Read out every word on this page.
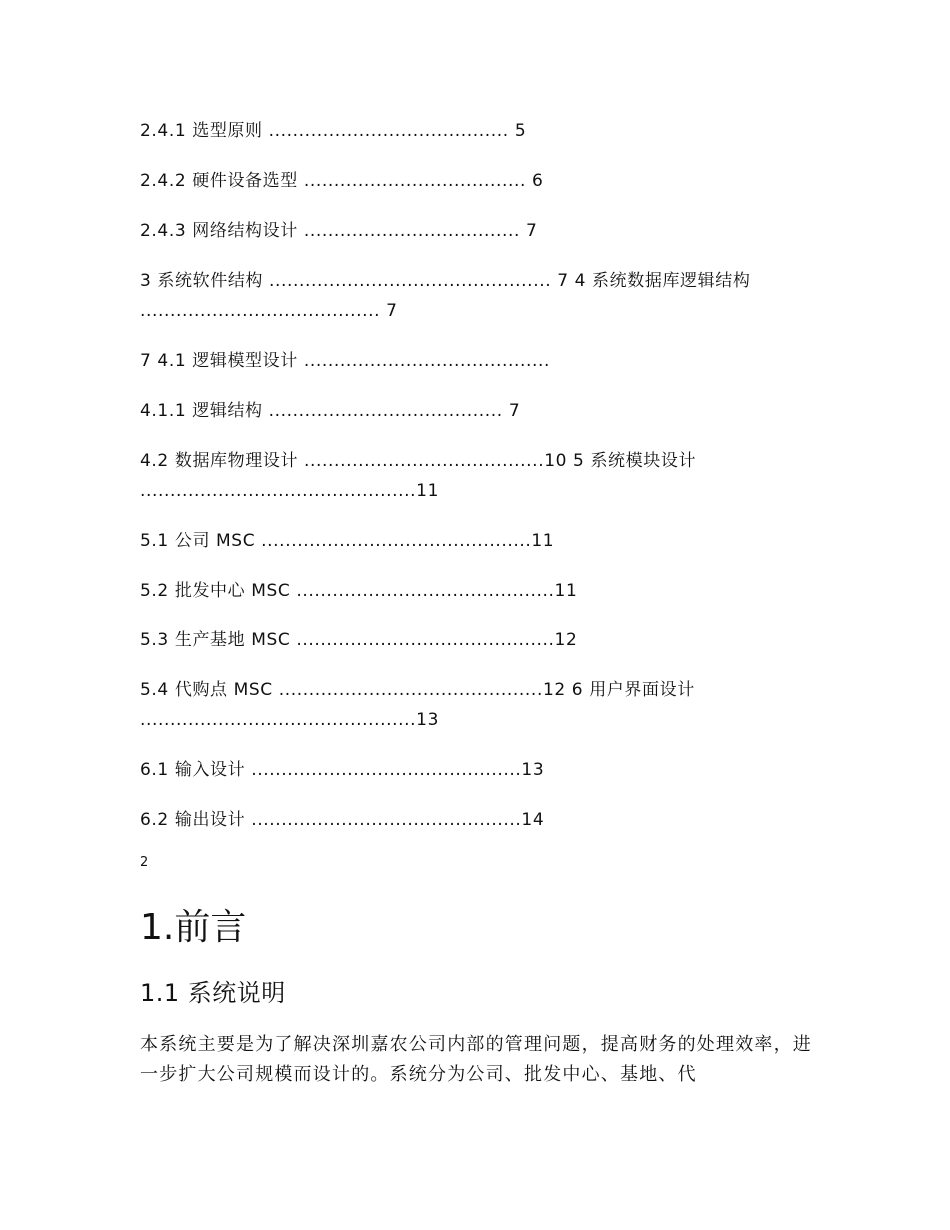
2.4.1 选型原则 ........................................ 5
2.4.2 硬件设备选型 ..................................... 6
2.4.3 网络结构设计 .................................... 7
3 系统软件结构 ............................................... 7 4 系统数据库逻辑结构 ........................................ 7
7 4.1 逻辑模型设计 .........................................
4.1.1 逻辑结构 ....................................... 7
4.2 数据库物理设计 ........................................10 5 系统模块设计 ..............................................11
5.1 公司 MSC .............................................11
5.2 批发中心 MSC ...........................................11
5.3 生产基地 MSC ...........................................12
5.4 代购点 MSC ............................................12 6 用户界面设计 ..............................................13
6.1 输入设计 .............................................13
6.2 输出设计 .............................................14
2
1.前言
1.1 系统说明

本系统主要是为了解决深圳嘉农公司内部的管理问题，提高财务的处理效率，进一步扩大公司规模而设计的。系统分为公司、批发中心、基地、代
